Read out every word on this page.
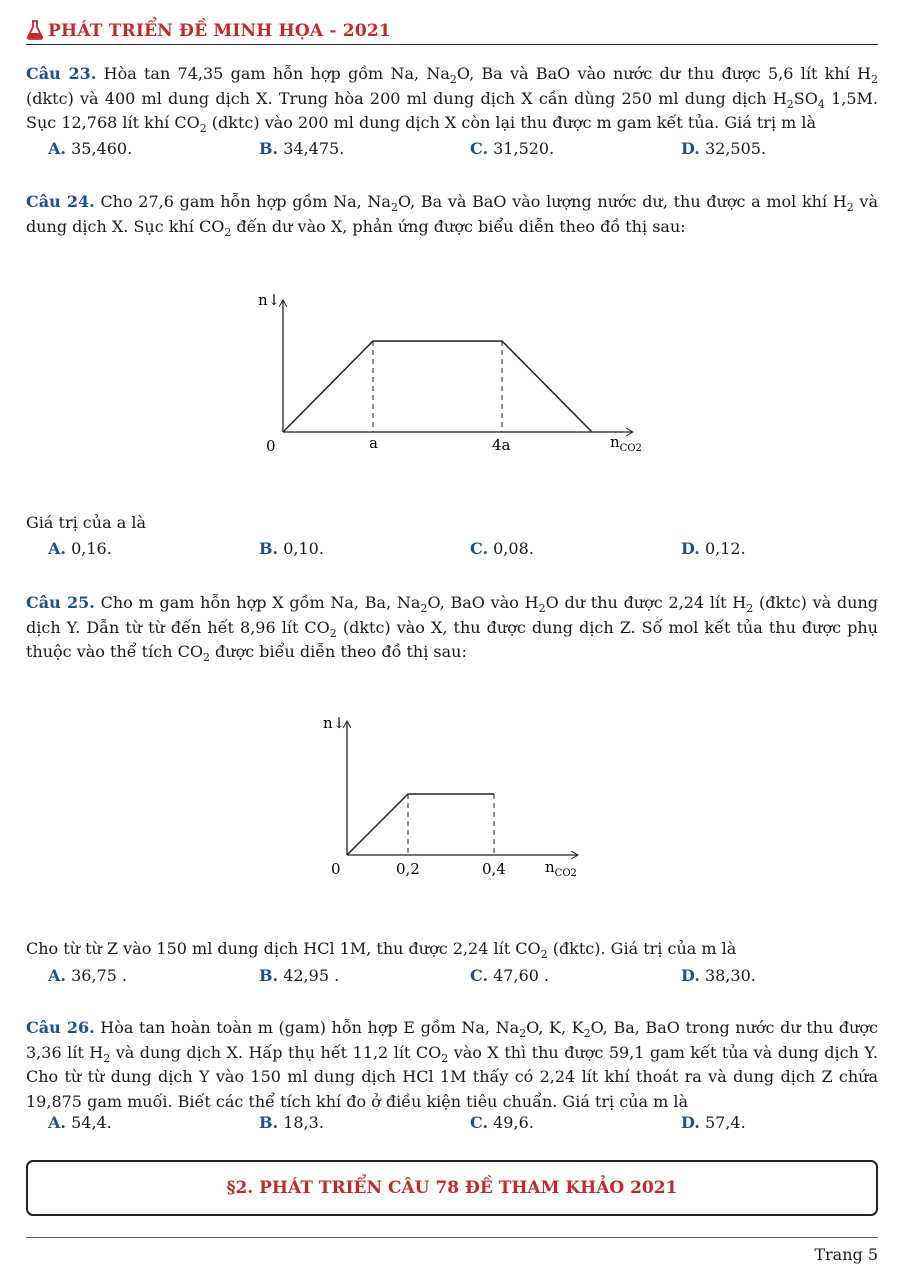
PHÁT TRIỂN ĐỀ MINH HỌA - 2021
Câu 23. Hòa tan 74,35 gam hỗn hợp gồm Na, $Na_2O$, Ba và BaO vào nước dư thu được 5,6 lít khí $H_2$ (dktc) và 400 ml dung dịch X. Trung hòa 200 ml dung dịch X cần dùng 250 ml dung dịch $H_2SO_4$ 1,5M. Sục 12,768 lít khí $CO_2$ (dktc) vào 200 ml dung dịch X còn lại thu được m gam kết tủa. Giá trị m là
A. 35,460.	B. 34,475.	C. 31,520.	D. 32,505.
Câu 24. Cho 27,6 gam hỗn hợp gồm Na, $Na_2O$, Ba và BaO vào lượng nước dư, thu được a mol khí $H_2$ và dung dịch X. Sục khí $CO_2$ đến dư vào X, phản ứng được biểu diễn theo đồ thị sau:
n↓
0	a	4a	$n_{CO2}$
Giá trị của a là
A. 0,16.	B. 0,10.	C. 0,08.	D. 0,12.
Câu 25. Cho m gam hỗn hợp X gồm Na, Ba, $Na_2O$, BaO vào $H_2O$ dư thu được 2,24 lít $H_2$ (đktc) và dung dịch Y. Dẫn từ từ đến hết 8,96 lít $CO_2$ (dktc) vào X, thu được dung dịch Z. Số mol kết tủa thu được phụ thuộc vào thể tích $CO_2$ được biểu diễn theo đồ thị sau:
n↓
0	0,2	0,4	$n_{CO2}$
Cho từ từ Z vào 150 ml dung dịch HCl 1M, thu được 2,24 lít $CO_2$ (đktc). Giá trị của m là
A. 36,75 .	B. 42,95 .	C. 47,60 .	D. 38,30.
Câu 26. Hòa tan hoàn toàn m (gam) hỗn hợp E gồm Na, $Na_2O$, K, $K_2O$, Ba, BaO trong nước dư thu được 3,36 lít $H_2$ và dung dịch X. Hấp thụ hết 11,2 lít $CO_2$ vào X thì thu được 59,1 gam kết tủa và dung dịch Y. Cho từ từ dung dịch Y vào 150 ml dung dịch HCl 1M thấy có 2,24 lít khí thoát ra và dung dịch Z chứa 19,875 gam muối. Biết các thể tích khí đo ở điều kiện tiêu chuẩn. Giá trị của m là
A. 54,4.	B. 18,3.	C. 49,6.	D. 57,4.
§2. PHÁT TRIỂN CÂU 78 ĐỀ THAM KHẢO 2021
Trang 5
